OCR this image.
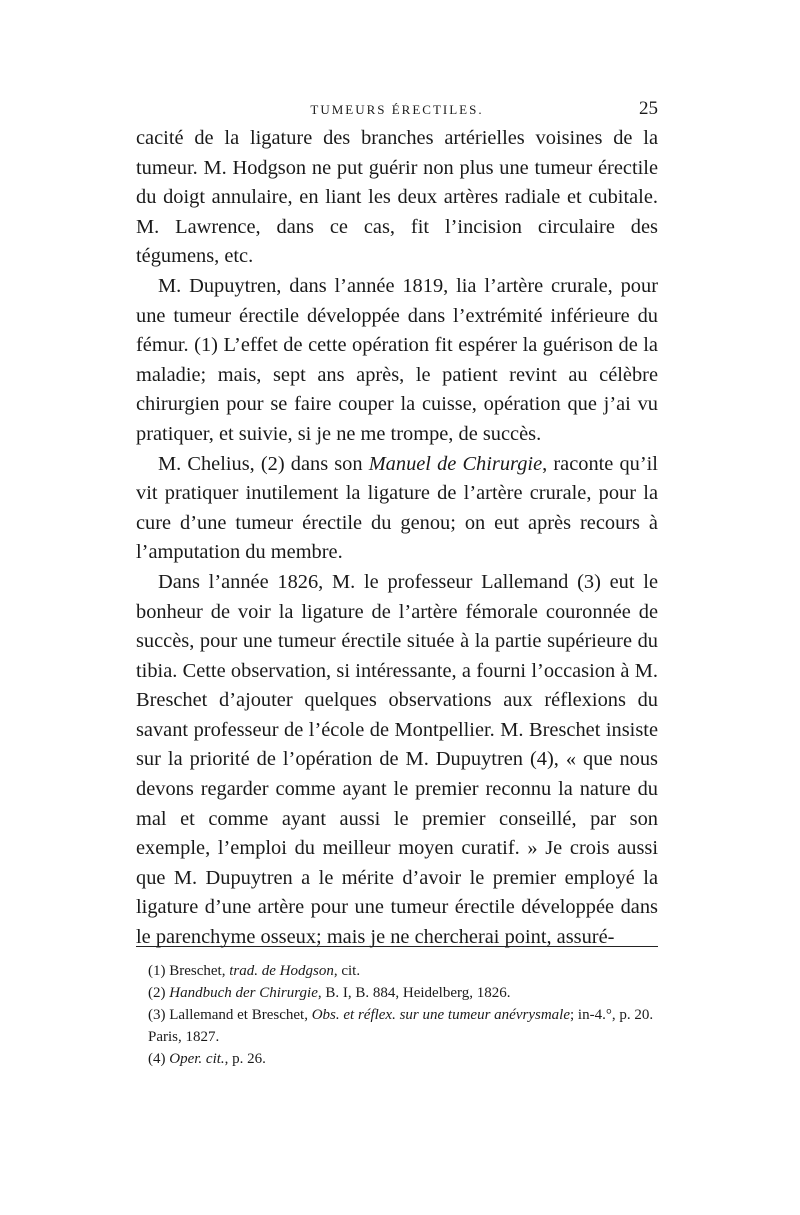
TUMEURS ÉRECTILES.	25

cacité de la ligature des branches artérielles voisines de la tumeur. M. Hodgson ne put guérir non plus une tumeur érectile du doigt annulaire, en liant les deux artères radiale et cubitale. M. Lawrence, dans ce cas, fit l’incision circulaire des tégumens, etc.

M. Dupuytren, dans l’année 1819, lia l’artère crurale, pour une tumeur érectile développée dans l’extrémité inférieure du fémur. (1) L’effet de cette opération fit espérer la guérison de la maladie; mais, sept ans après, le patient revint au célèbre chirurgien pour se faire couper la cuisse, opération que j’ai vu pratiquer, et suivie, si je ne me trompe, de succès.

M. Chelius, (2) dans son Manuel de Chirurgie, raconte qu’il vit pratiquer inutilement la ligature de l’artère crurale, pour la cure d’une tumeur érectile du genou; on eut après recours à l’amputation du membre.

Dans l’année 1826, M. le professeur Lallemand (3) eut le bonheur de voir la ligature de l’artère fémorale couronnée de succès, pour une tumeur érectile située à la partie supérieure du tibia. Cette observation, si intéressante, a fourni l’occasion à M. Breschet d’ajouter quelques observations aux réflexions du savant professeur de l’école de Montpellier. M. Breschet insiste sur la priorité de l’opération de M. Dupuytren (4), « que nous devons regarder comme ayant le premier reconnu la nature du mal et comme ayant aussi le premier conseillé, par son exemple, l’emploi du meilleur moyen curatif. » Je crois aussi que M. Dupuytren a le mérite d’avoir le premier employé la ligature d’une artère pour une tumeur érectile développée dans le parenchyme osseux; mais je ne chercherai point, assuré-

(1) Breschet, trad. de Hodgson, cit.

(2) Handbuch der Chirurgie, B. I, B. 884, Heidelberg, 1826.

(3) Lallemand et Breschet, Obs. et réflex. sur une tumeur anévrysmale; in-4.°, p. 20. Paris, 1827.

(4) Oper. cit., p. 26.
